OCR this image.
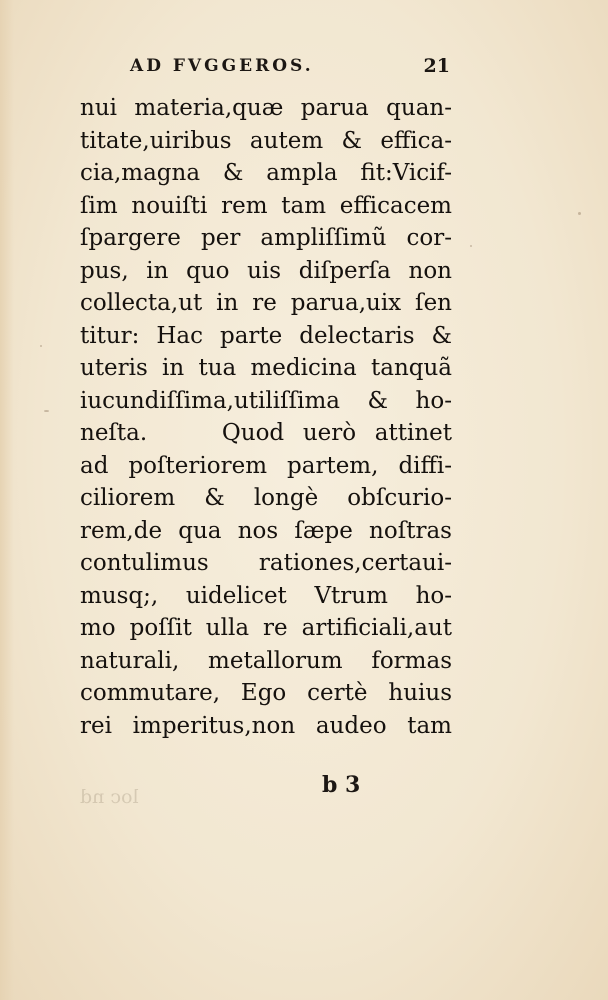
AD FVGGEROS.	21
nui materia,quæ parua quan-
titate,uiribus autem & effica-
cia,magna & ampla fit:Vicif-
ſim nouiſti rem tam efficacem
ſpargere per ampliſſimũ cor-
pus, in quo uis diſperſa non
collecta,ut in re parua,uix ſen
titur: Hac parte delectaris &
uteris in tua medicina tanquã
iucundiſſima,utiliſſima & ho-
neſta.    Quod uerò attinet
ad poſteriorem partem, diffi-
ciliorem & longè obſcurio-
rem,de qua nos ſæpe noſtras
contulimus rationes,certaui-
musq;, uidelicet Vtrum ho-
mo poſſit ulla re artificiali,aut
naturali, metallorum formas
commutare, Ego certè huius
rei imperitus,non audeo tam
b 3
loc nd
